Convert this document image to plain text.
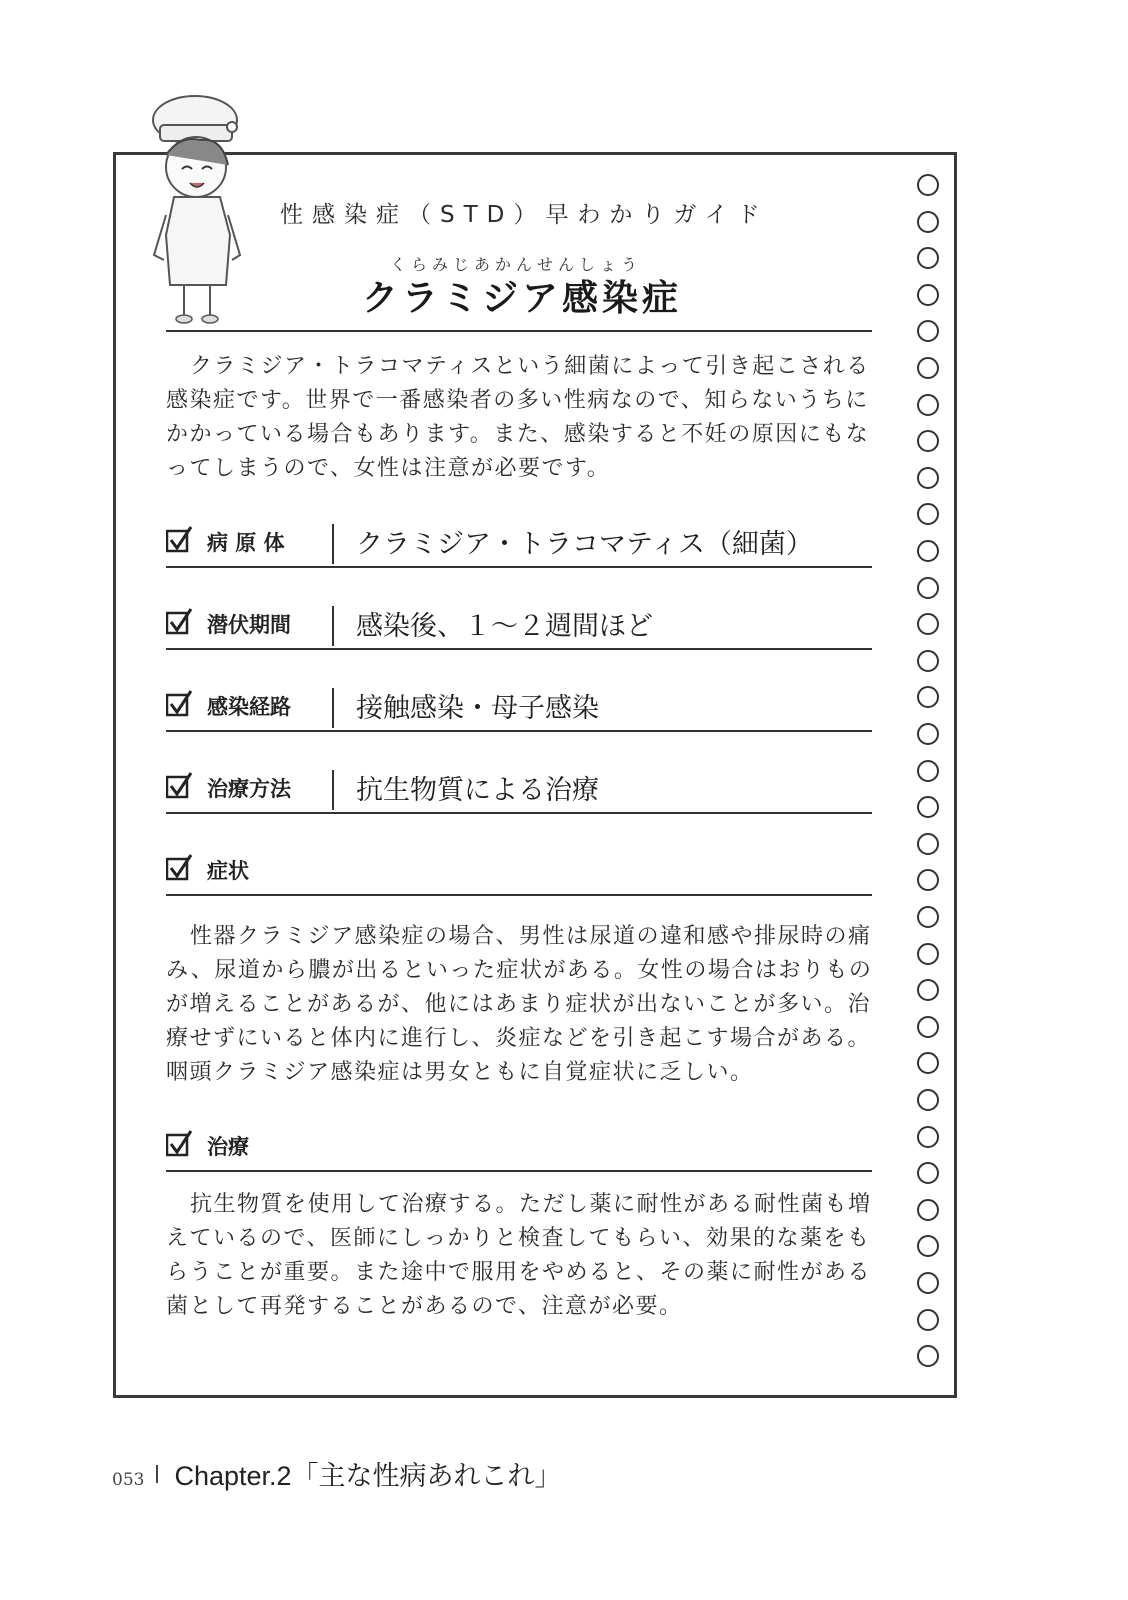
性感染症（STD）早わかりガイド
くらみじあかんせんしょう
クラミジア感染症

クラミジア・トラコマティスという細菌によって引き起こされる感染症です。世界で一番感染者の多い性病なので、知らないうちにかかっている場合もあります。また、感染すると不妊の原因にもなってしまうので、女性は注意が必要です。

病 原 体	クラミジア・トラコマティス（細菌）
潜伏期間 感染後、１〜２週間ほど
感染経路 接触感染・母子感染
治療方法 抗生物質による治療
症状

性器クラミジア感染症の場合、男性は尿道の違和感や排尿時の痛み、尿道から膿が出るといった症状がある。女性の場合はおりものが増えることがあるが、他にはあまり症状が出ないことが多い。治療せずにいると体内に進行し、炎症などを引き起こす場合がある。咽頭クラミジア感染症は男女ともに自覚症状に乏しい。

治療

抗生物質を使用して治療する。ただし薬に耐性がある耐性菌も増えているので、医師にしっかりと検査してもらい、効果的な薬をもらうことが重要。また途中で服用をやめると、その薬に耐性がある菌として再発することがあるので、注意が必要。

053 Chapter.2「主な性病あれこれ」
